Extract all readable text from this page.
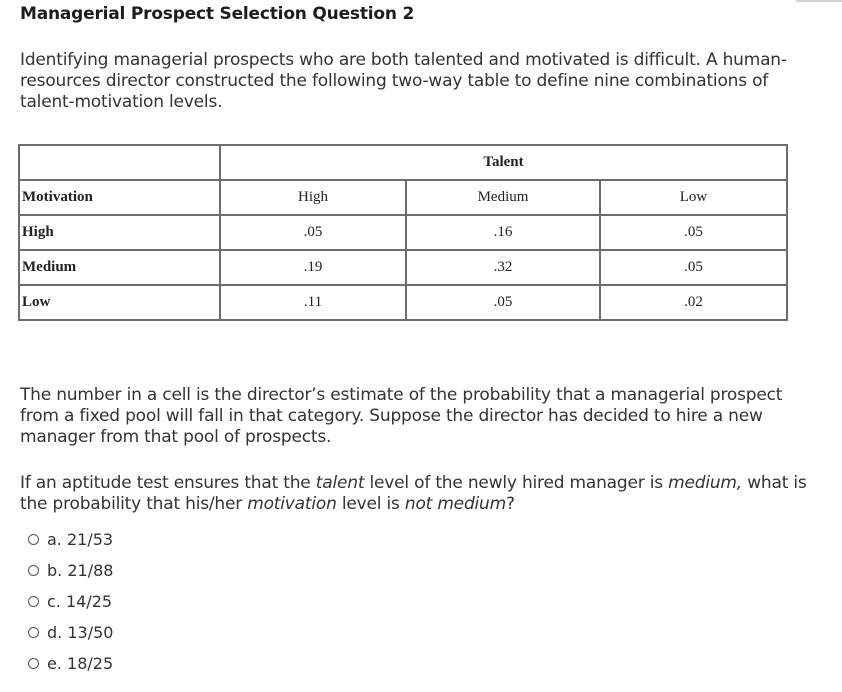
Managerial Prospect Selection Question 2

Identifying managerial prospects who are both talented and motivated is difficult. A human-resources director constructed the following two-way table to define nine combinations of talent-motivation levels.

	Talent		
Motivation	High	Medium	Low
High	.05	.16	.05
Medium	.19	.32	.05
Low	.11	.05	.02

The number in a cell is the director’s estimate of the probability that a managerial prospect from a fixed pool will fall in that category. Suppose the director has decided to hire a new manager from that pool of prospects.

If an aptitude test ensures that the talent level of the newly hired manager is medium, what is the probability that his/her motivation level is not medium?

a.
21/53
b.
21/88
c.
14/25
d.
13/50
e.
18/25
